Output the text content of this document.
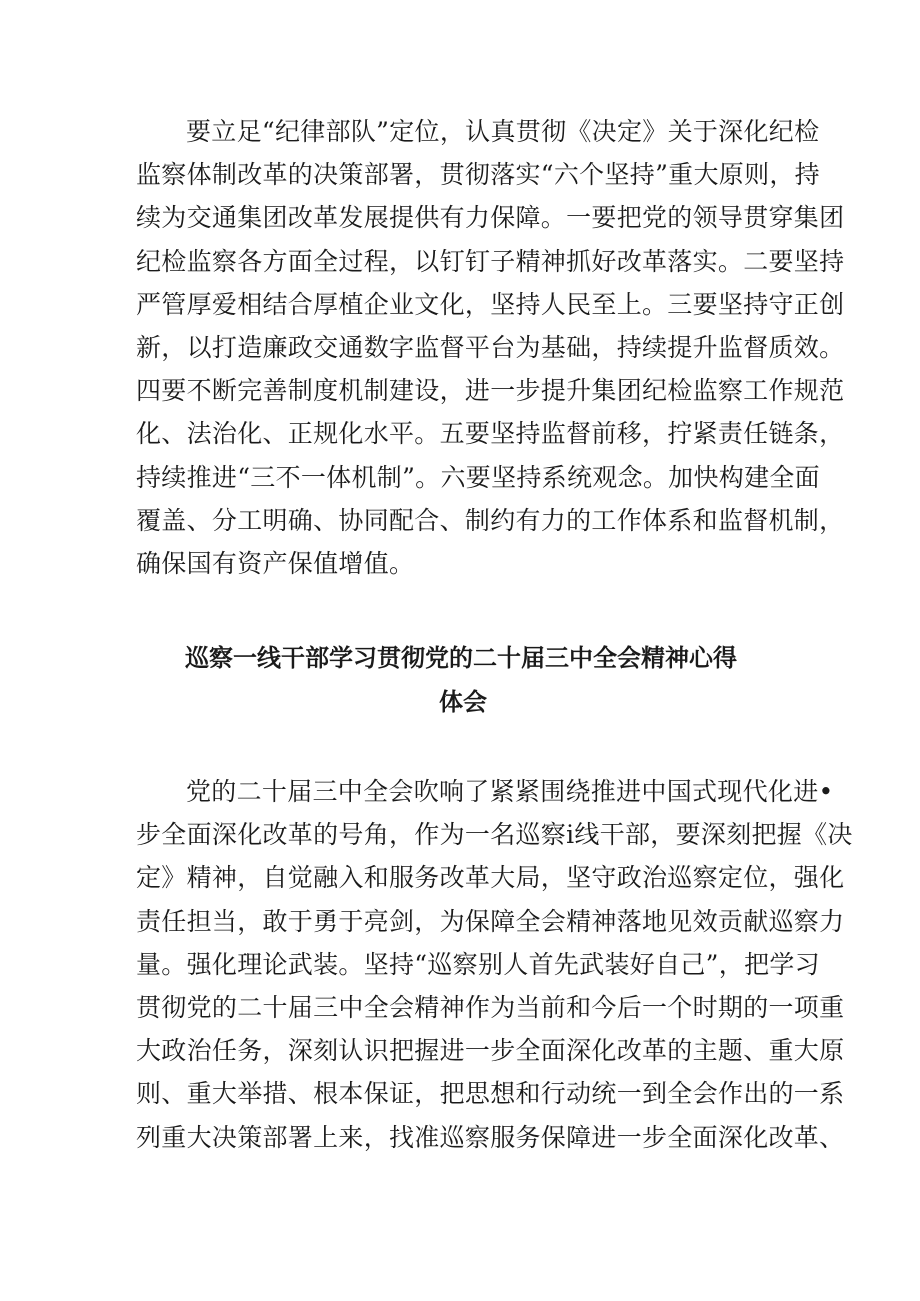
要立足“纪律部队”定位，认真贯彻《决定》关于深化纪检
监察体制改革的决策部署，贯彻落实“六个坚持”重大原则，持
续为交通集团改革发展提供有力保障。一要把党的领导贯穿集团
纪检监察各方面全过程，以钉钉子精神抓好改革落实。二要坚持
严管厚爱相结合厚植企业文化，坚持人民至上。三要坚持守正创
新，以打造廉政交通数字监督平台为基础，持续提升监督质效。
四要不断完善制度机制建设，进一步提升集团纪检监察工作规范
化、法治化、正规化水平。五要坚持监督前移，拧紧责任链条，
持续推进“三不一体机制”。六要坚持系统观念。加快构建全面
覆盖、分工明确、协同配合、制约有力的工作体系和监督机制，
确保国有资产保值增值。
巡察一线干部学习贯彻党的二十届三中全会精神心得
体会
党的二十届三中全会吹响了紧紧围绕推进中国式现代化进•
步全面深化改革的号角，作为一名巡察i线干部，要深刻把握《决
定》精神，自觉融入和服务改革大局，坚守政治巡察定位，强化
责任担当，敢于勇于亮剑，为保障全会精神落地见效贡献巡察力
量。强化理论武装。坚持“巡察别人首先武装好自己”，把学习
贯彻党的二十届三中全会精神作为当前和今后一个时期的一项重
大政治任务，深刻认识把握进一步全面深化改革的主题、重大原
则、重大举措、根本保证，把思想和行动统一到全会作出的一系
列重大决策部署上来，找准巡察服务保障进一步全面深化改革、
